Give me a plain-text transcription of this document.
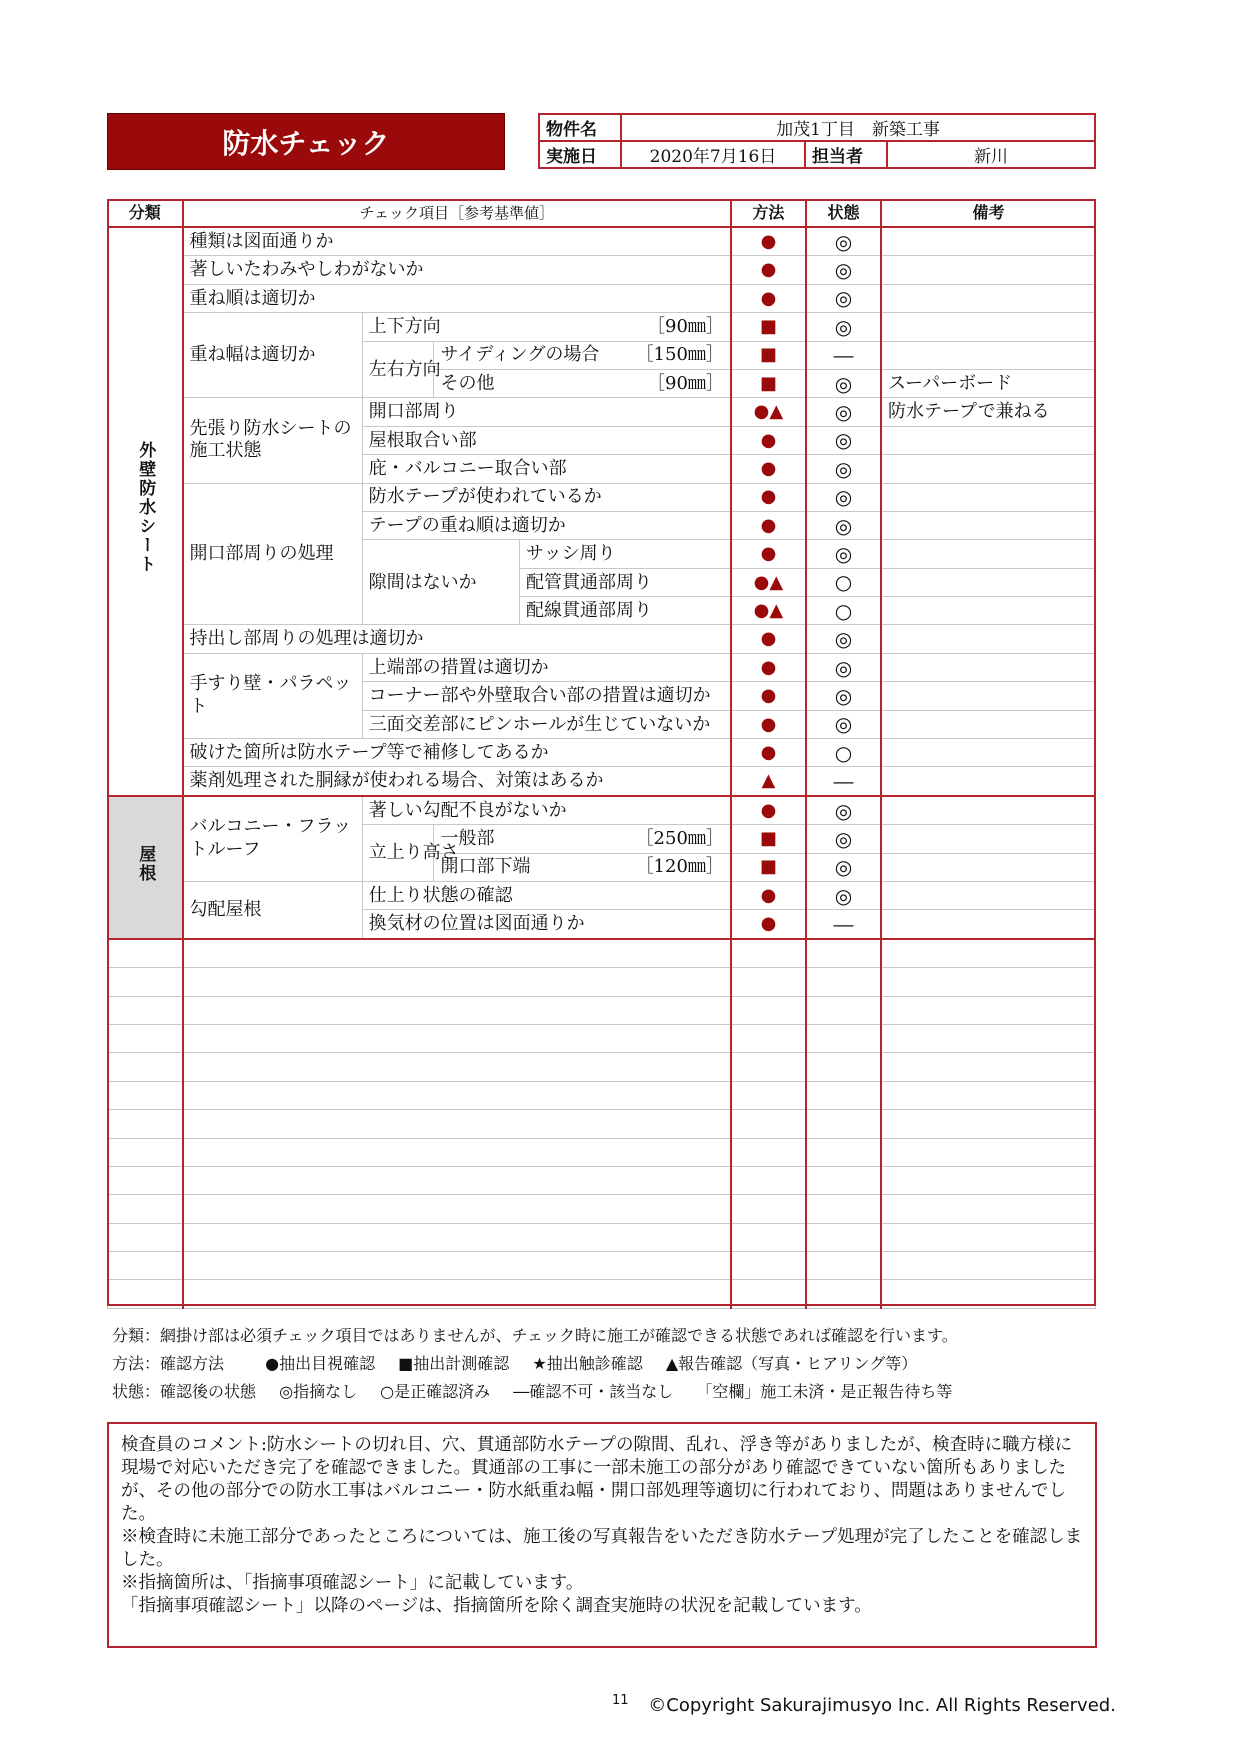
防水チェック	物件名	加茂1丁目　新築工事		
実施日	2020年7月16日	担当者	新川
分類	チェック項目［参考基準値］				方法	状態	備考
外壁防水シート	種類は図面通りか				●	◎	
	著しいたわみやしわがないか				●	◎	
	重ね順は適切か				●	◎	
	重ね幅は適切か	上下方向 ［90㎜］			■	◎	
		左右方向	サイディングの場合 ［150㎜］		■	―	

			その他 ［90㎜］		■	◎	スーパーボード
	先張り防水シートの施工状態	開口部周り			●▲	◎	防水テープで兼ねる
		屋根取合い部			●	◎	
		庇・バルコニー取合い部			●	◎	
	開口部周りの処理	防水テープが使われているか			●	◎	
		テープの重ね順は適切か			●	◎	
		隙間はないか		サッシ周り	●	◎	
				配管貫通部周り	●▲	○	
				配線貫通部周り	●▲	○	
	持出し部周りの処理は適切か				●	◎	
	手すり壁・パラペット	上端部の措置は適切か			●	◎	
		コーナー部や外壁取合い部の措置は適切か			●	◎	
		三面交差部にピンホールが生じていないか			●	◎	
	破けた箇所は防水テープ等で補修してあるか				●	○	
	薬剤処理された胴縁が使われる場合、対策はあるか				▲	―	
屋根	バルコニー・フラットルーフ	著しい勾配不良がないか			●	◎	
		立上り高さ	一般部 ［250㎜］		■	◎	

			開口部下端 ［120㎜］		■	◎	
	勾配屋根	仕上り状態の確認			●	◎	
		換気材の位置は図面通りか			●	―	

分類：網掛け部は必須チェック項目ではありませんが、チェック時に施工が確認できる状態であれば確認を行います。
方法：確認方法	●抽出目視確認 ■抽出計測確認 ★抽出触診確認 ▲報告確認（写真・ヒアリング等）
状態：確認後の状態 ◎指摘なし ○是正確認済み ―確認不可・該当なし 「空欄」施工未済・是正報告待ち等

検査員のコメント:防水シートの切れ目、穴、貫通部防水テープの隙間、乱れ、浮き等がありましたが、検査時に職方様に現場で対応いただき完了を確認できました。貫通部の工事に一部未施工の部分があり確認できていない箇所もありましたが、その他の部分での防水工事はバルコニー・防水紙重ね幅・開口部処理等適切に行われており、問題はありませんでした。

※検査時に未施工部分であったところについては、施工後の写真報告をいただき防水テープ処理が完了したことを確認しました。

※指摘箇所は、「指摘事項確認シート」に記載しています。

「指摘事項確認シート」以降のページは、指摘箇所を除く調査実施時の状況を記載しています。

$^{11}$ ©Copyright Sakurajimusyo Inc. All Rights Reserved.
